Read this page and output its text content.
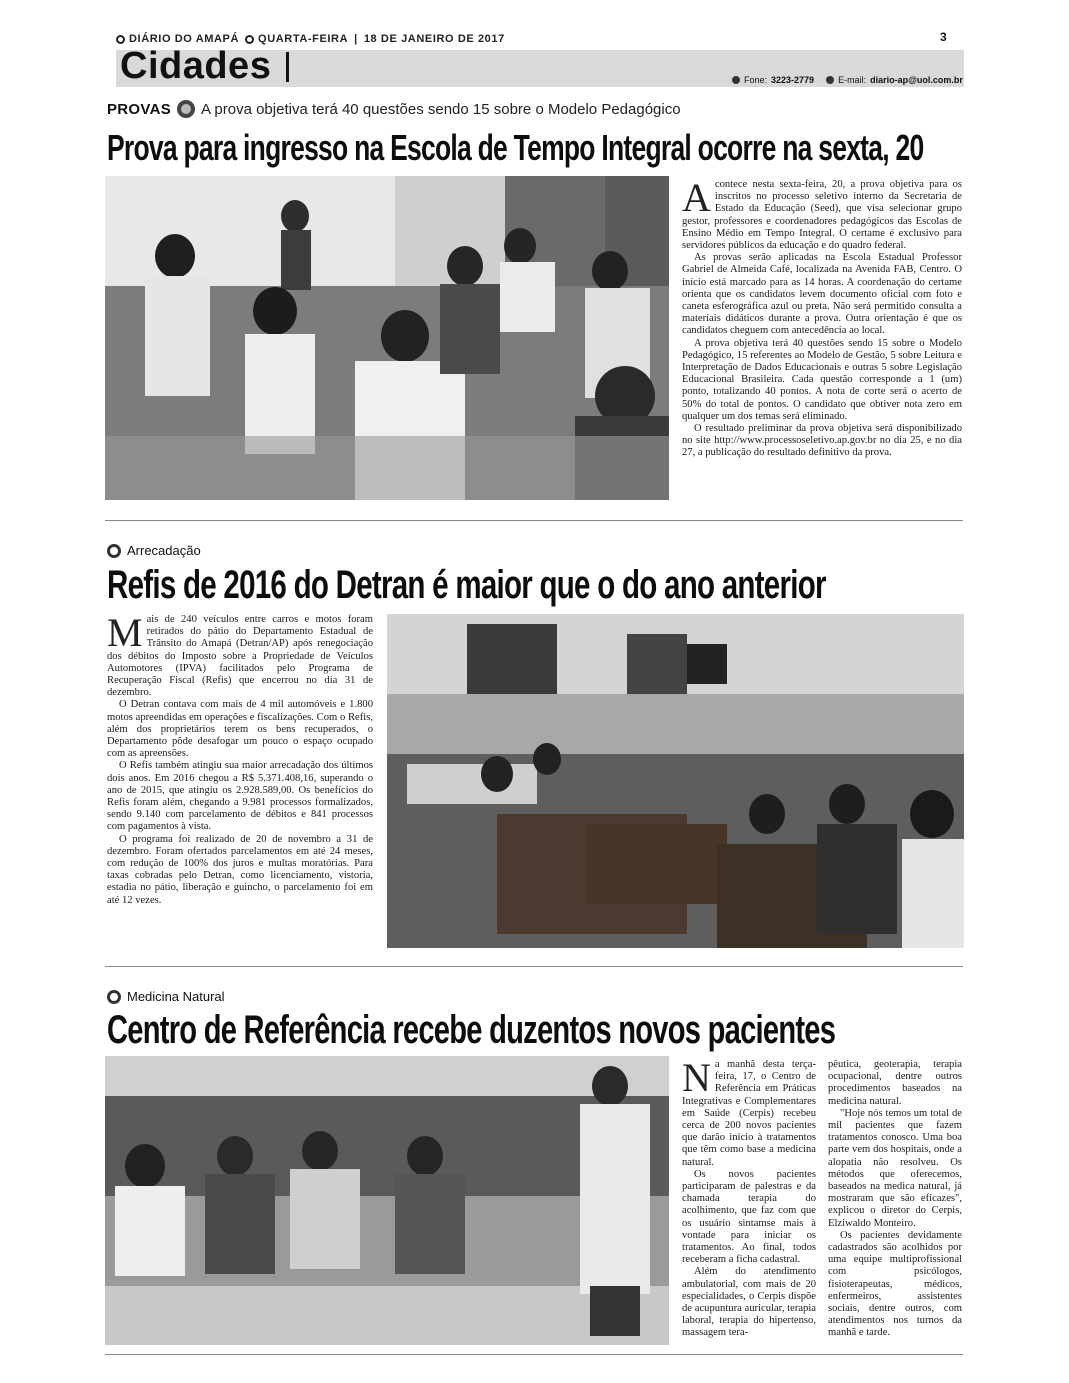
DIÁRIO DO AMAPÁ QUARTA-FEIRA | 18 DE JANEIRO DE 2017	3
Cidades	Fone: 3223-2779	E-mail: diario-ap@uol.com.br
PROVAS A prova objetiva terá 40 questões sendo 15 sobre o Modelo Pedagógico
Prova para ingresso na Escola de Tempo Integral ocorre na sexta, 20

Acontece nesta sexta-feira, 20, a prova objetiva para os inscritos no processo seletivo interno da Secretaria de Estado da Educação (Seed), que visa selecionar grupo gestor, professores e coordenadores pedagógicos das Escolas de Ensino Médio em Tempo Integral. O certame é exclusivo para servidores públicos da educação e do quadro federal.

As provas serão aplicadas na Escola Estadual Professor Gabriel de Almeida Café, localizada na Avenida FAB, Centro. O início está marcado para as 14 horas. A coordenação do certame orienta que os candidatos levem documento oficial com foto e caneta esferográfica azul ou preta. Não será permitido consulta a materiais didáticos durante a prova. Outra orientação é que os candidatos cheguem com antecedência ao local.

A prova objetiva terá 40 questões sendo 15 sobre o Modelo Pedagógico, 15 referentes ao Modelo de Gestão, 5 sobre Leitura e Interpretação de Dados Educacionais e outras 5 sobre Legislação Educacional Brasileira. Cada questão corresponde a 1 (um) ponto, totalizando 40 pontos. A nota de corte será o acerto de 50% do total de pontos. O candidato que obtiver nota zero em qualquer um dos temas será eliminado.

O resultado preliminar da prova objetiva será disponibilizado no site http://www.processoseletivo.ap.gov.br no dia 25, e no dia 27, a publicação do resultado definitivo da prova.

Arrecadação
Refis de 2016 do Detran é maior que o do ano anterior

Mais de 240 veículos entre carros e motos foram retirados do pátio do Departamento Estadual de Trânsito do Amapá (Detran/AP) após renegociação dos débitos do Imposto sobre a Propriedade de Veículos Automotores (IPVA) facilitados pelo Programa de Recuperação Fiscal (Refis) que encerrou no dia 31 de dezembro.

O Detran contava com mais de 4 mil automóveis e 1.800 motos apreendidas em operações e fiscalizações. Com o Refis, além dos proprietários terem os bens recuperados, o Departamento pôde desafogar um pouco o espaço ocupado com as apreensões.

O Refis também atingiu sua maior arrecadação dos últimos dois anos. Em 2016 chegou a R$ 5.371.408,16, superando o ano de 2015, que atingiu os 2.928.589,00. Os benefícios do Refis foram além, chegando a 9.981 processos formalizados, sendo 9.140 com parcelamento de débitos e 841 processos com pagamentos à vista.

O programa foi realizado de 20 de novembro a 31 de dezembro. Foram ofertados parcelamentos em até 24 meses, com redução de 100% dos juros e multas moratórias. Para taxas cobradas pelo Detran, como licenciamento, vistoria, estadia no pátio, liberação e guincho, o parcelamento foi em até 12 vezes.

Medicina Natural
Centro de Referência recebe duzentos novos pacientes

Na manhã desta terça-feira, 17, o Centro de Referência em Práticas Integrativas e Complementares em Saúde (Cerpis) recebeu cerca de 200 novos pacientes que darão início à tratamentos que têm como base a medicina natural.

Os novos pacientes participaram de palestras e da chamada terapia do acolhimento, que faz com que os usuário sintamse mais à vontade para iniciar os tratamentos. Ao final, todos receberam a ficha cadastral.

Além do atendimento ambulatorial, com mais de 20 especialidades, o Cerpis dispõe de acupuntura auricular, terapia laboral, terapia do hipertenso, massagem tera-

pêutica, geoterapia, terapia ocupacional, dentre outros procedimentos baseados na medicina natural.

"Hoje nós temos um total de mil pacientes que fazem tratamentos conosco. Uma boa parte vem dos hospitais, onde a alopatia não resolveu. Os métodos que oferecemos, baseados na medica natural, já mostraram que são eficazes", explicou o diretor do Cerpis, Elziwaldo Monteiro.

Os pacientes devidamente cadastrados são acolhidos por uma equipe multiprofissional com psicólogos, fisioterapeutas, médicos, enfermeiros, assistentes sociais, dentre outros, com atendimentos nos turnos da manhã e tarde.
